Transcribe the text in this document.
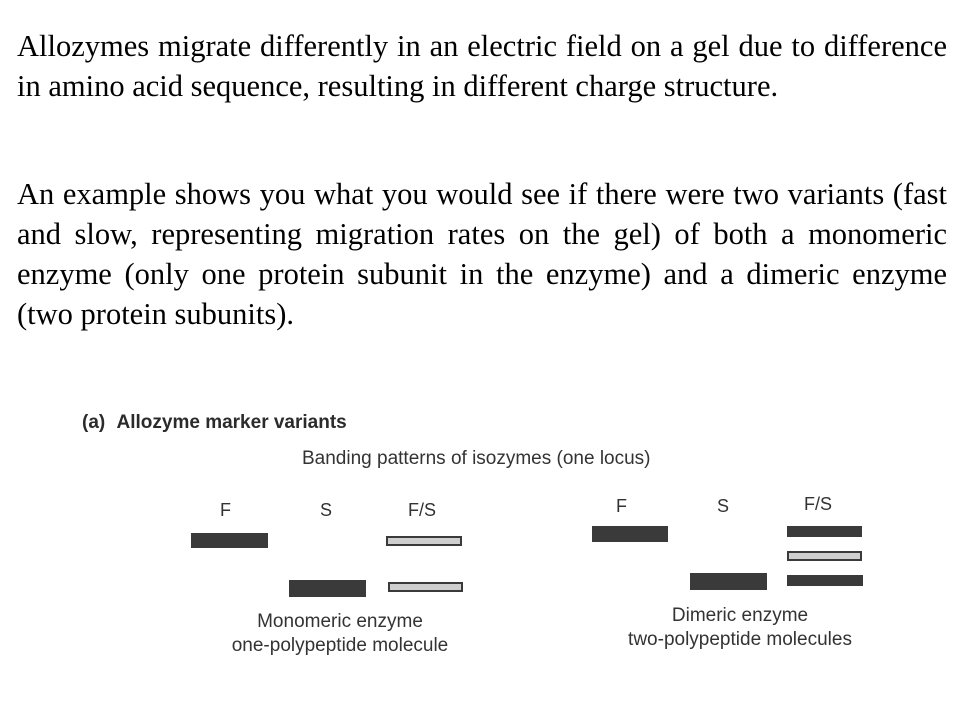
Allozymes migrate differently in an electric field on a gel due to difference in amino acid sequence, resulting in different charge structure.

An example shows you what you would see if there were two variants (fast and slow, representing migration rates on the gel) of both a monomeric enzyme (only one protein subunit in the enzyme) and a dimeric enzyme (two protein subunits).

(a) Allozyme marker variants
Banding patterns of isozymes (one locus)
F	S	F/S
Monomeric enzyme
one-polypeptide molecule
F	S	F/S
Dimeric enzyme
two-polypeptide molecules
